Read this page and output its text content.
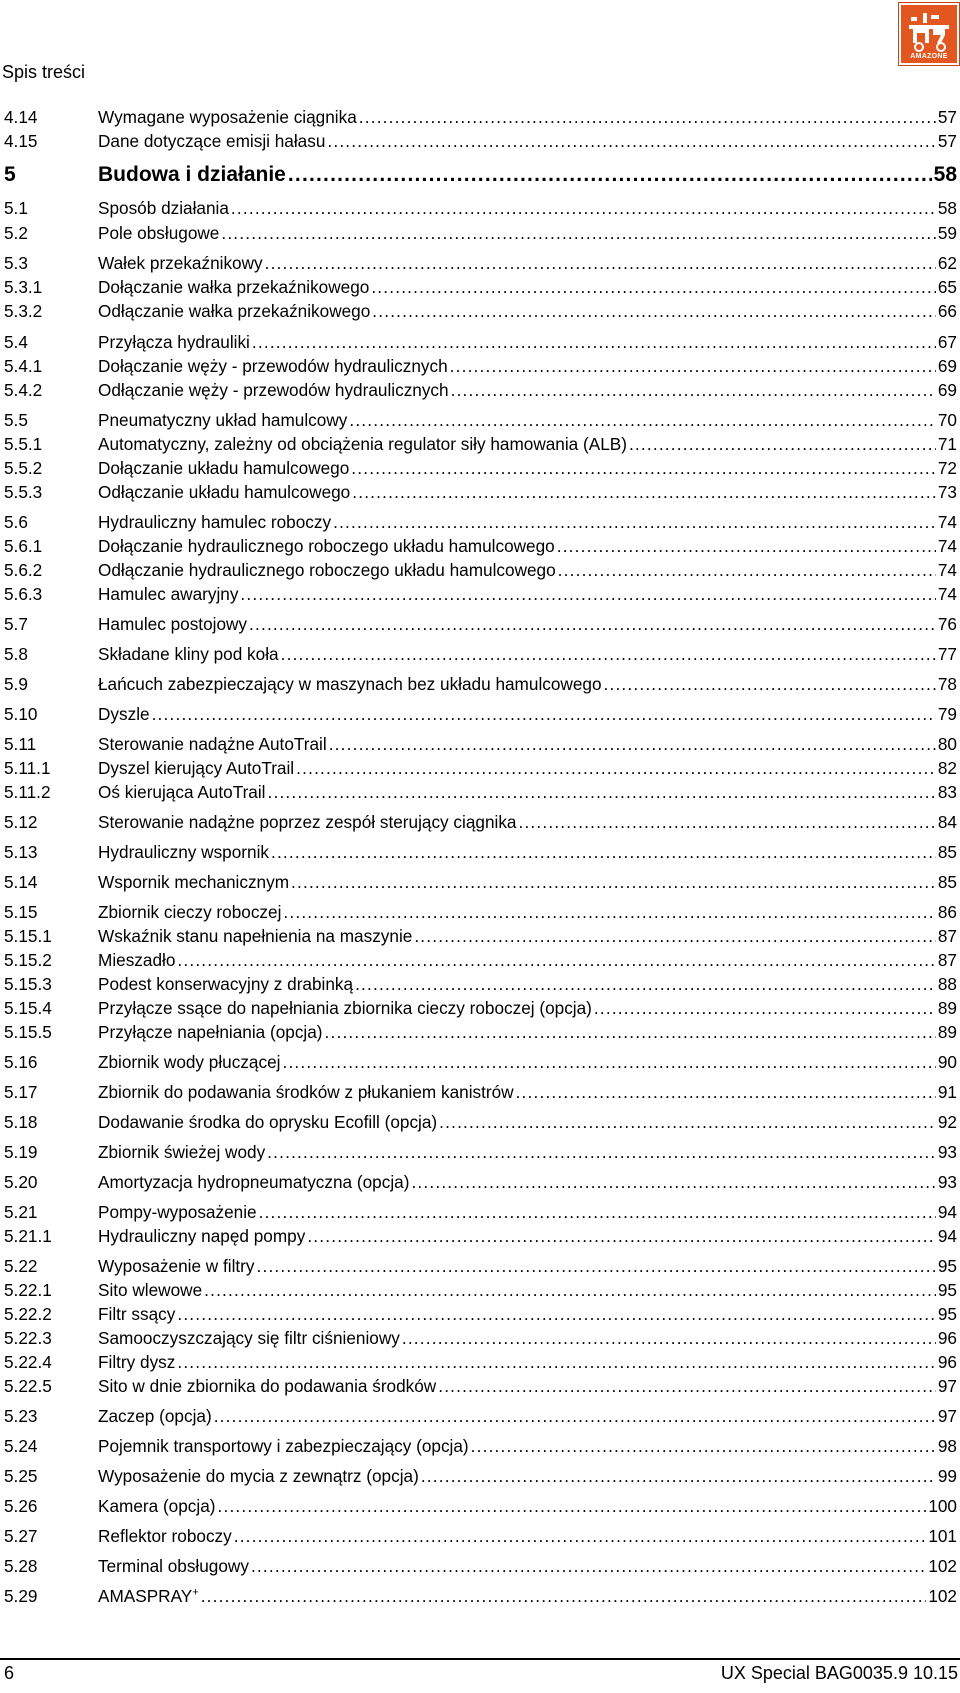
Spis treści
AMAZONE
4.14	Wymagane wyposażenie ciągnika .....	57
4.15	Dane dotyczące emisji hałasu .....	57
5	Budowa i działanie .....	58
5.1	Sposób działania .....	58
5.2	Pole obsługowe .....	59
5.3	Wałek przekaźnikowy .....	62
5.3.1	Dołączanie wałka przekaźnikowego .....	65
5.3.2	Odłączanie wałka przekaźnikowego .....	66
5.4	Przyłącza hydrauliki .....	67
5.4.1	Dołączanie węży - przewodów hydraulicznych .....	69
5.4.2	Odłączanie węży - przewodów hydraulicznych .....	69
5.5	Pneumatyczny układ hamulcowy .....	70
5.5.1	Automatyczny, zależny od obciążenia regulator siły hamowania (ALB) .....	71
5.5.2	Dołączanie układu hamulcowego .....	72
5.5.3	Odłączanie układu hamulcowego .....	73
5.6	Hydrauliczny hamulec roboczy .....	74
5.6.1	Dołączanie hydraulicznego roboczego układu hamulcowego .....	74
5.6.2	Odłączanie hydraulicznego roboczego układu hamulcowego .....	74
5.6.3	Hamulec awaryjny .....	74
5.7	Hamulec postojowy .....	76
5.8	Składane kliny pod koła .....	77
5.9	Łańcuch zabezpieczający w maszynach bez układu hamulcowego .....	78
5.10	Dyszle .....	79
5.11	Sterowanie nadążne AutoTrail .....	80
5.11.1	Dyszel kierujący AutoTrail .....	82
5.11.2	Oś kierująca AutoTrail .....	83
5.12	Sterowanie nadążne poprzez zespół sterujący ciągnika .....	84
5.13	Hydrauliczny wspornik .....	85
5.14	Wspornik mechanicznym .....	85
5.15	Zbiornik cieczy roboczej .....	86
5.15.1	Wskaźnik stanu napełnienia na maszynie .....	87
5.15.2	Mieszadło .....	87
5.15.3	Podest konserwacyjny z drabinką .....	88
5.15.4	Przyłącze ssące do napełniania zbiornika cieczy roboczej (opcja) .....	89
5.15.5	Przyłącze napełniania (opcja) .....	89
5.16	Zbiornik wody płuczącej .....	90
5.17	Zbiornik do podawania środków z płukaniem kanistrów .....	91
5.18	Dodawanie środka do oprysku Ecofill (opcja) .....	92
5.19	Zbiornik świeżej wody .....	93
5.20	Amortyzacja hydropneumatyczna (opcja) .....	93
5.21	Pompy-wyposażenie .....	94
5.21.1	Hydrauliczny napęd pompy .....	94
5.22	Wyposażenie w filtry .....	95
5.22.1	Sito wlewowe .....	95
5.22.2	Filtr ssący .....	95
5.22.3	Samooczyszczający się filtr ciśnieniowy .....	96
5.22.4	Filtry dysz .....	96
5.22.5	Sito w dnie zbiornika do podawania środków .....	97
5.23	Zaczep (opcja) .....	97
5.24	Pojemnik transportowy i zabezpieczający (opcja) .....	98
5.25	Wyposażenie do mycia z zewnątrz (opcja) .....	99
5.26	Kamera (opcja) .....	100
5.27	Reflektor roboczy .....	101
5.28	Terminal obsługowy .....	102
5.29	AMASPRAY+ .....	102
6	UX Special BAG0035.9 10.15
